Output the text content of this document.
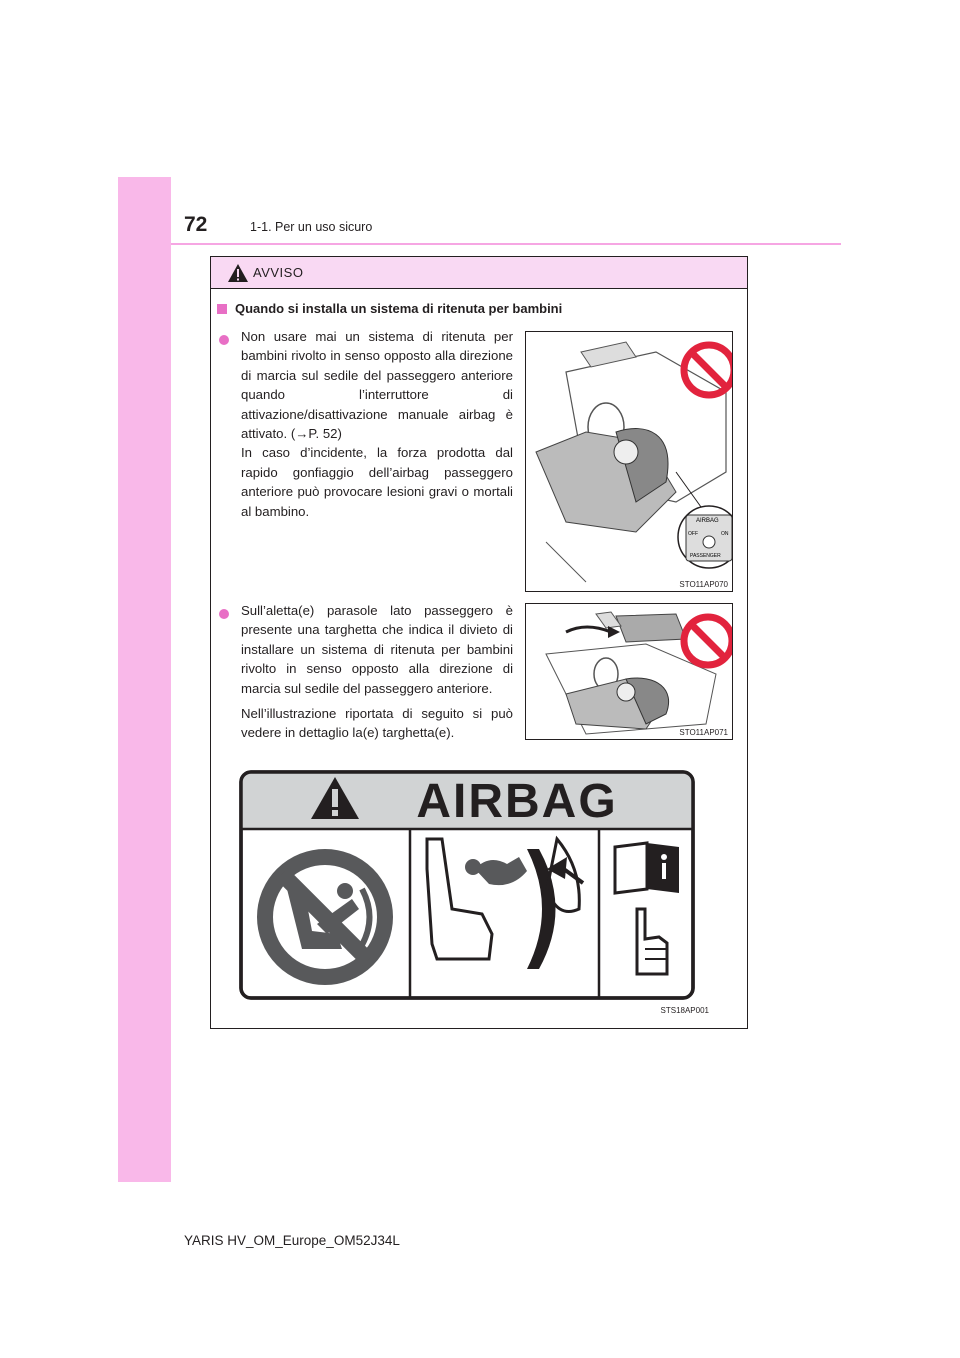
72	1-1. Per un uso sicuro
AVVISO
Quando si installa un sistema di ritenuta per bambini

Non usare mai un sistema di ritenuta per bambini rivolto in senso opposto alla direzione di marcia sul sedile del passeggero anteriore quando l’interruttore di attivazione/disattivazione manuale airbag è attivato. (→P. 52)

In caso d’incidente, la forza prodotta dal rapido gonfiaggio dell’airbag passeggero anteriore può provocare lesioni gravi o mortali al bambino.

AIRBAG
OFF	ON
PASSENGER
STO11AP070

Sull’aletta(e) parasole lato passeggero è presente una targhetta che indica il divieto di installare un sistema di ritenuta per bambini rivolto in senso opposto alla direzione di marcia sul sedile del passeggero anteriore.

Nell’illustrazione riportata di seguito si può vedere in dettaglio la(e) targhetta(e).	STO11AP071
AIRBAG
STS18AP001
YARIS HV_OM_Europe_OM52J34L
